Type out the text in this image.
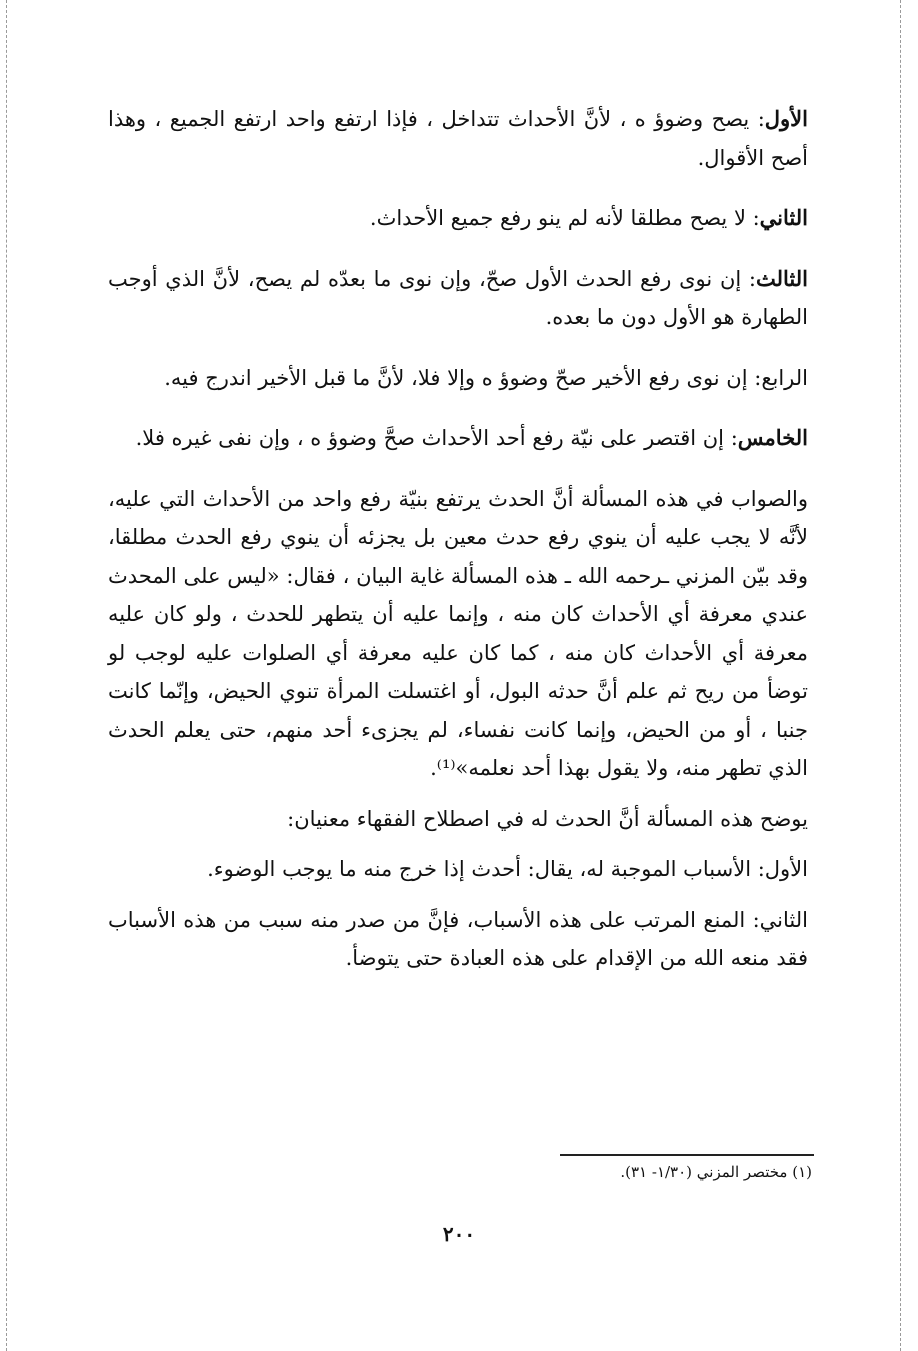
الأول: يصح وضوؤ ه ، لأنَّ الأحداث تتداخل ، فإذا ارتفع واحد ارتفع الجميع ، وهذا أصح الأقوال.

الثاني: لا يصح مطلقا لأنه لم ينو رفع جميع الأحداث.

الثالث: إن نوى رفع الحدث الأول صحّ، وإن نوى ما بعدّه لم يصح، لأنَّ الذي أوجب الطهارة هو الأول دون ما بعده.

الرابع: إن نوى رفع الأخير صحّ وضوؤ ه وإلا فلا، لأنَّ ما قبل الأخير اندرج فيه.

الخامس: إن اقتصر على نيّة رفع أحد الأحداث صحَّ وضوؤ ه ، وإن نفى غيره فلا.

والصواب في هذه المسألة أنَّ الحدث يرتفع بنيّة رفع واحد من الأحداث التي عليه، لأنَّه لا يجب عليه أن ينوي رفع حدث معين بل يجزئه أن ينوي رفع الحدث مطلقا، وقد بيّن المزني ـرحمه الله ـ هذه المسألة غاية البيان ، فقال: «ليس على المحدث عندي معرفة أي الأحداث كان منه ، وإنما عليه أن يتطهر للحدث ، ولو كان عليه معرفة أي الأحداث كان منه ، كما كان عليه معرفة أي الصلوات عليه لوجب لو توضأ من ريح ثم علم أنَّ حدثه البول، أو اغتسلت المرأة تنوي الحيض، وإنّما كانت جنبا ، أو من الحيض، وإنما كانت نفساء، لم يجزىء أحد منهم، حتى يعلم الحدث الذي تطهر منه، ولا يقول بهذا أحد نعلمه»⁽¹⁾.

يوضح هذه المسألة أنَّ الحدث له في اصطلاح الفقهاء معنيان:

الأول: الأسباب الموجبة له، يقال: أحدث إذا خرج منه ما يوجب الوضوء.

الثاني: المنع المرتب على هذه الأسباب، فإنَّ من صدر منه سبب من هذه الأسباب فقد منعه الله من الإقدام على هذه العبادة حتى يتوضأ.

(١) مختصر المزني (١/٣٠- ٣١).
٢٠٠
